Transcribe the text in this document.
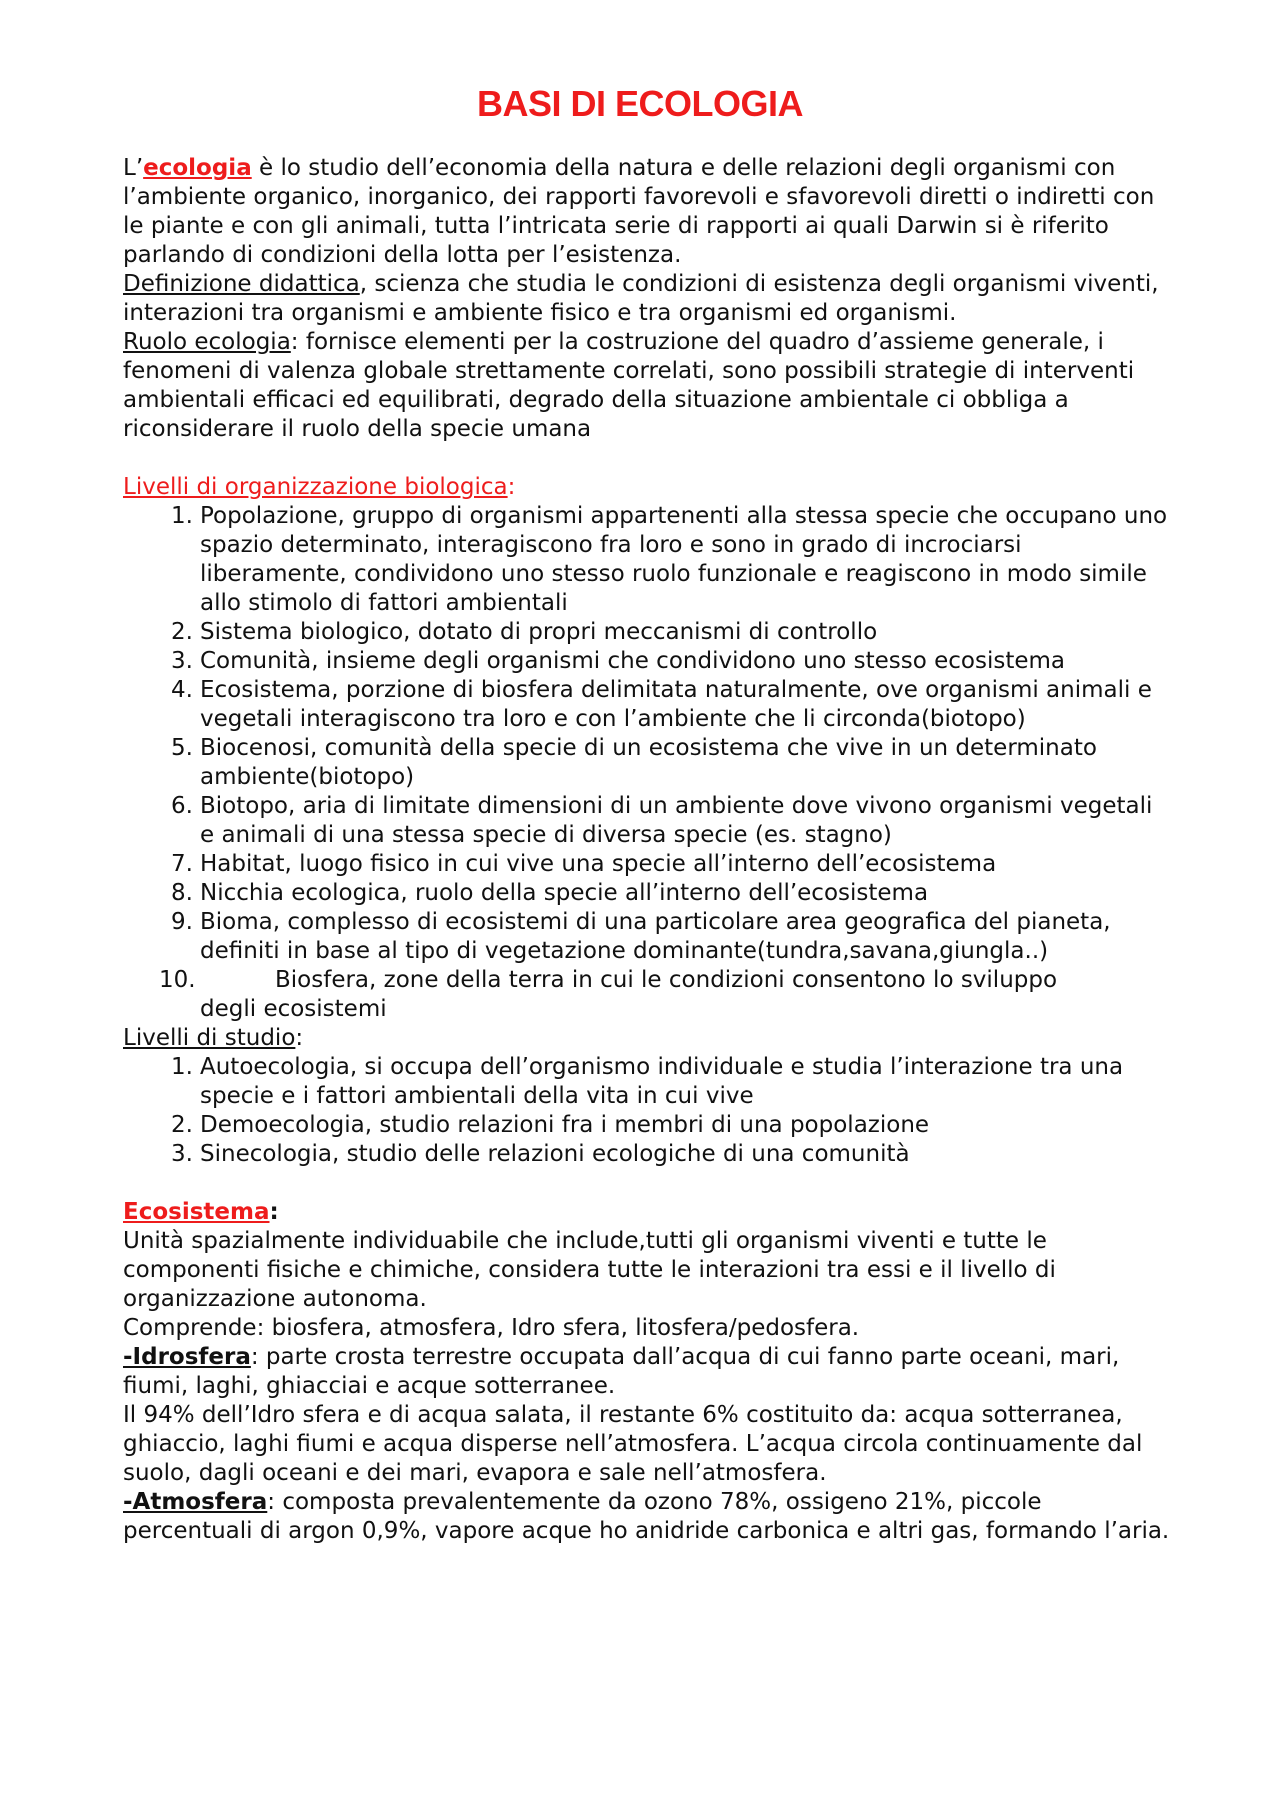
BASI DI ECOLOGIA

L’ecologia è lo studio dell’economia della natura e delle relazioni degli organismi con l’ambiente organico, inorganico, dei rapporti favorevoli e sfavorevoli diretti o indiretti con le piante e con gli animali, tutta l’intricata serie di rapporti ai quali Darwin si è riferito parlando di condizioni della lotta per l’esistenza.

Definizione didattica, scienza che studia le condizioni di esistenza degli organismi viventi, interazioni tra organismi e ambiente fisico e tra organismi ed organismi.

Ruolo ecologia: fornisce elementi per la costruzione del quadro d’assieme generale, i fenomeni di valenza globale strettamente correlati, sono possibili strategie di interventi ambientali efficaci ed equilibrati, degrado della situazione ambientale ci obbliga a riconsiderare il ruolo della specie umana

Livelli di organizzazione biologica:

1. Popolazione, gruppo di organismi appartenenti alla stessa specie che occupano uno spazio determinato, interagiscono fra loro e sono in grado di incrociarsi liberamente, condividono uno stesso ruolo funzionale e reagiscono in modo simile allo stimolo di fattori ambientali
2. Sistema biologico, dotato di propri meccanismi di controllo
3. Comunità, insieme degli organismi che condividono uno stesso ecosistema
4. Ecosistema, porzione di biosfera delimitata naturalmente, ove organismi animali e vegetali interagiscono tra loro e con l’ambiente che li circonda(biotopo)
5. Biocenosi, comunità della specie di un ecosistema che vive in un determinato ambiente(biotopo)
6. Biotopo, aria di limitate dimensioni di un ambiente dove vivono organismi vegetali e animali di una stessa specie di diversa specie (es. stagno)
7. Habitat, luogo fisico in cui vive una specie all’interno dell’ecosistema
8. Nicchia ecologica, ruolo della specie all’interno dell’ecosistema
9. Bioma, complesso di ecosistemi di una particolare area geografica del pianeta, definiti in base al tipo di vegetazione dominante(tundra,savana,giungla..)
10.	Biosfera, zone della terra in cui le condizioni consentono lo sviluppo
degli ecosistemi

Livelli di studio:

1. Autoecologia, si occupa dell’organismo individuale e studia l’interazione tra una specie e i fattori ambientali della vita in cui vive
2. Demoecologia, studio relazioni fra i membri di una popolazione
3. Sinecologia, studio delle relazioni ecologiche di una comunità

Ecosistema:

Unità spazialmente individuabile che include,tutti gli organismi viventi e tutte le componenti fisiche e chimiche, considera tutte le interazioni tra essi e il livello di organizzazione autonoma.

Comprende: biosfera, atmosfera, Idro sfera, litosfera/pedosfera.

-Idrosfera: parte crosta terrestre occupata dall’acqua di cui fanno parte oceani, mari, fiumi, laghi, ghiacciai e acque sotterranee.

Il 94% dell’Idro sfera e di acqua salata, il restante 6% costituito da: acqua sotterranea, ghiaccio, laghi fiumi e acqua disperse nell’atmosfera. L’acqua circola continuamente dal suolo, dagli oceani e dei mari, evapora e sale nell’atmosfera.

-Atmosfera: composta prevalentemente da ozono 78%, ossigeno 21%, piccole percentuali di argon 0,9%, vapore acque ho anidride carbonica e altri gas, formando l’aria.
